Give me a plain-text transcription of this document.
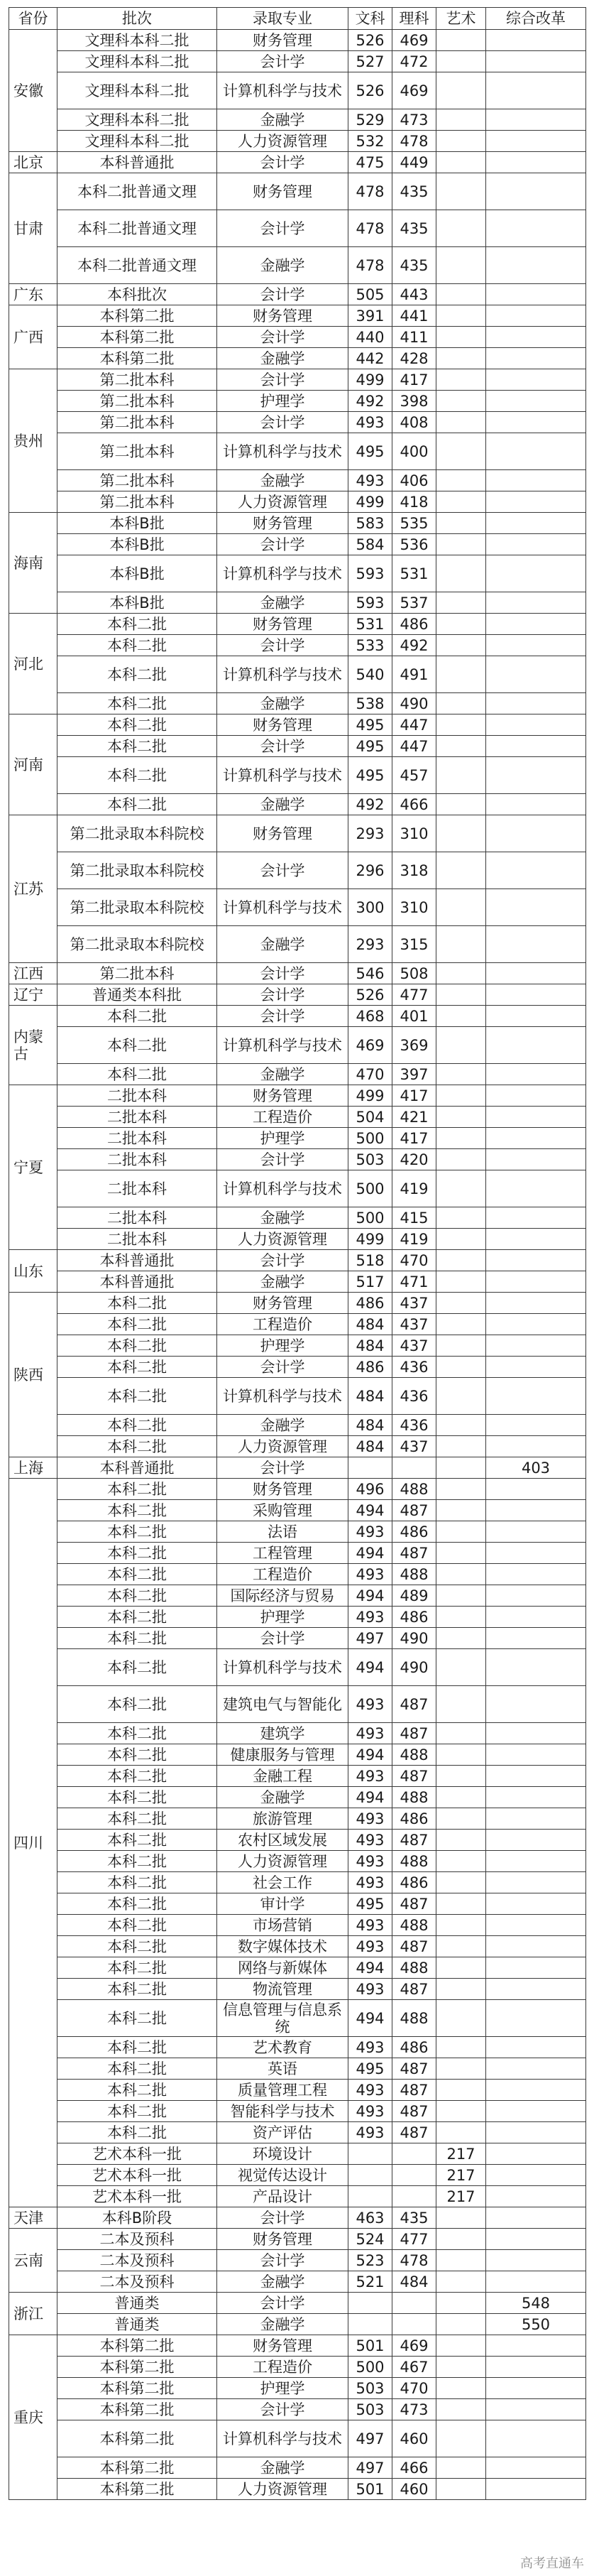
省份	批次	录取专业	文科	理科	艺术	综合改革
安徽	文理科本科二批	财务管理	526	469		
	文理科本科二批	会计学	527	472		
	文理科本科二批	计算机科学与技术	526	469		
	文理科本科二批	金融学	529	473		
	文理科本科二批	人力资源管理	532	478		
北京	本科普通批	会计学	475	449		
甘肃	本科二批普通文理	财务管理	478	435		
	本科二批普通文理	会计学	478	435		
	本科二批普通文理	金融学	478	435		
广东	本科批次	会计学	505	443		
广西	本科第二批	财务管理	391	441		
	本科第二批	会计学	440	411		
	本科第二批	金融学	442	428		
贵州	第二批本科	会计学	499	417		
	第二批本科	护理学	492	398		
	第二批本科	会计学	493	408		
	第二批本科	计算机科学与技术	495	400		
	第二批本科	金融学	493	406		
	第二批本科	人力资源管理	499	418		
海南	本科B批	财务管理	583	535		
	本科B批	会计学	584	536		
	本科B批	计算机科学与技术	593	531		
	本科B批	金融学	593	537		
河北	本科二批	财务管理	531	486		
	本科二批	会计学	533	492		
	本科二批	计算机科学与技术	540	491		
	本科二批	金融学	538	490		
河南	本科二批	财务管理	495	447		
	本科二批	会计学	495	447		
	本科二批	计算机科学与技术	495	457		
	本科二批	金融学	492	466		
江苏	第二批录取本科院校	财务管理	293	310		
	第二批录取本科院校	会计学	296	318		
	第二批录取本科院校	计算机科学与技术	300	310		
	第二批录取本科院校	金融学	293	315		
江西	第二批本科	会计学	546	508		
辽宁	普通类本科批	会计学	526	477		
内蒙古	本科二批	会计学	468	401		
	本科二批	计算机科学与技术	469	369		
	本科二批	金融学	470	397		
宁夏	二批本科	财务管理	499	417		
	二批本科	工程造价	504	421		
	二批本科	护理学	500	417		
	二批本科	会计学	503	420		
	二批本科	计算机科学与技术	500	419		
	二批本科	金融学	500	415		
	二批本科	人力资源管理	499	419		
山东	本科普通批	会计学	518	470		
	本科普通批	金融学	517	471		
陕西	本科二批	财务管理	486	437		
	本科二批	工程造价	484	437		
	本科二批	护理学	484	437		
	本科二批	会计学	486	436		
	本科二批	计算机科学与技术	484	436		
	本科二批	金融学	484	436		
	本科二批	人力资源管理	484	437		
上海	本科普通批	会计学				403
四川	本科二批	财务管理	496	488		
	本科二批	采购管理	494	487		
	本科二批	法语	493	486		
	本科二批	工程管理	494	487		
	本科二批	工程造价	493	488		
	本科二批	国际经济与贸易	494	489		
	本科二批	护理学	493	486		
	本科二批	会计学	497	490		
	本科二批	计算机科学与技术	494	490		
	本科二批	建筑电气与智能化	493	487		
	本科二批	建筑学	493	487		
	本科二批	健康服务与管理	494	488		
	本科二批	金融工程	493	487		
	本科二批	金融学	494	488		
	本科二批	旅游管理	493	486		
	本科二批	农村区域发展	493	487		
	本科二批	人力资源管理	493	488		
	本科二批	社会工作	493	486		
	本科二批	审计学	495	487		
	本科二批	市场营销	493	488		
	本科二批	数字媒体技术	493	487		
	本科二批	网络与新媒体	494	488		
	本科二批	物流管理	493	487		
	本科二批	信息管理与信息系统	494	488		
	本科二批	艺术教育	493	486		
	本科二批	英语	495	487		
	本科二批	质量管理工程	493	487		
	本科二批	智能科学与技术	493	487		
	本科二批	资产评估	493	487		
	艺术本科一批	环境设计			217	
	艺术本科一批	视觉传达设计			217	
	艺术本科一批	产品设计			217	
天津	本科B阶段	会计学	463	435		
云南	二本及预科	财务管理	524	477		
	二本及预科	会计学	523	478		
	二本及预科	金融学	521	484		
浙江	普通类	会计学				548
	普通类	金融学				550
重庆	本科第二批	财务管理	501	469		
	本科第二批	工程造价	500	467		
	本科第二批	护理学	503	470		
	本科第二批	会计学	503	473		
	本科第二批	计算机科学与技术	497	460		
	本科第二批	金融学	497	466		
	本科第二批	人力资源管理	501	460		
高考直通车
